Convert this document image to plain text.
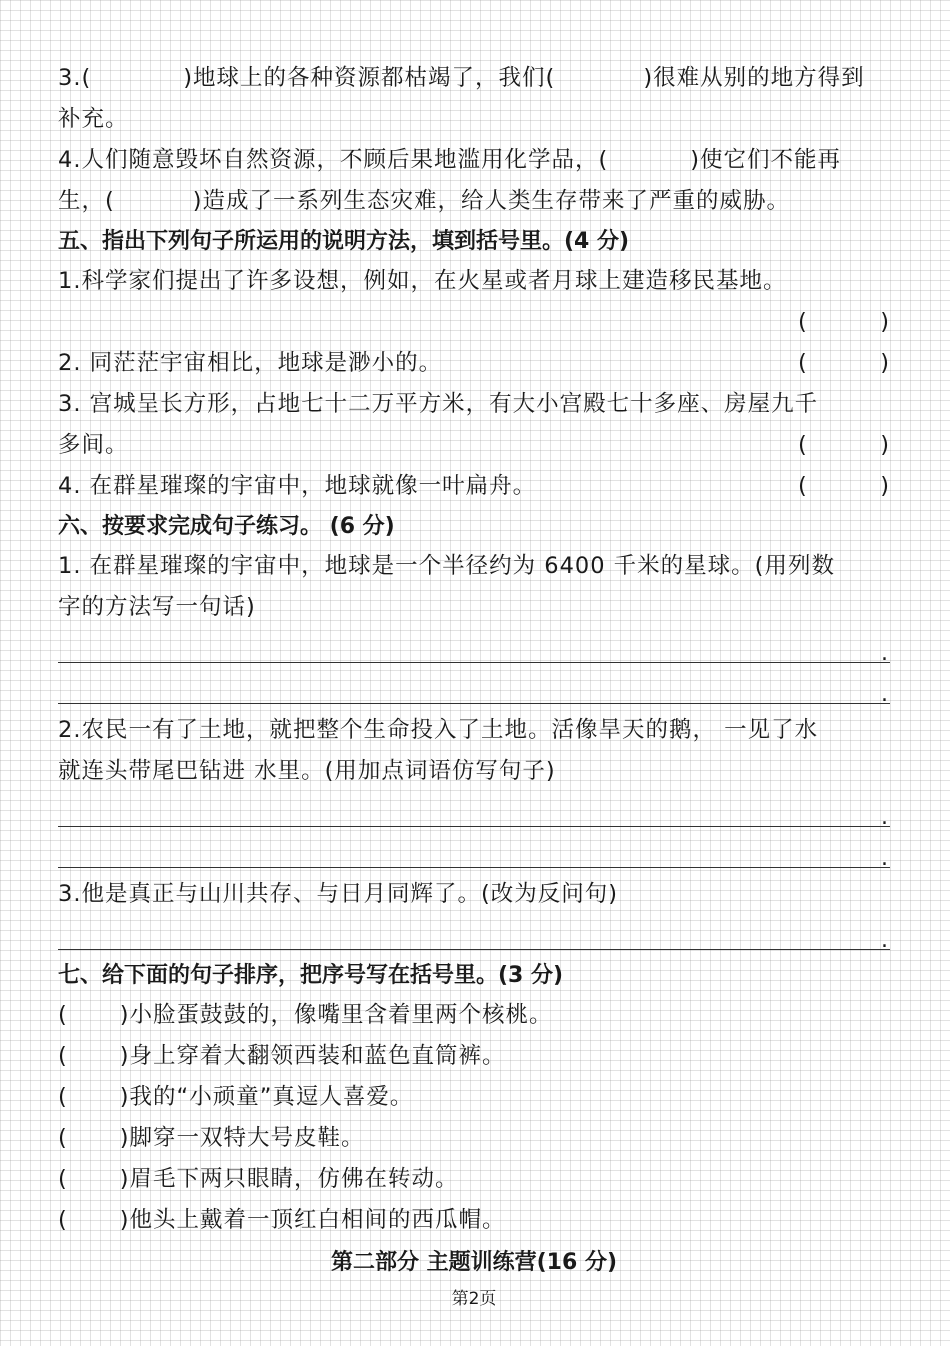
3.(	)地球上的各种资源都枯竭了，我们(	)很难从别的地方得到
补充。
4.人们随意毁坏自然资源，不顾后果地滥用化学品，(	)使它们不能再
生，(	)造成了一系列生态灾难，给人类生存带来了严重的威胁。
五、指出下列句子所运用的说明方法，填到括号里。(4 分)
1.科学家们提出了许多设想，例如，在火星或者月球上建造移民基地。
(	)
2. 同茫茫宇宙相比，地球是渺小的。	(	)
3. 宫城呈长方形，占地七十二万平方米，有大小宫殿七十多座、房屋九千
多间。	(	)
4. 在群星璀璨的宇宙中，地球就像一叶扁舟。	(	)
六、按要求完成句子练习。 (6 分)
1. 在群星璀璨的宇宙中，地球是一个半径约为 6400 千米的星球。(用列数
字的方法写一句话)
.
.
2.农民一有了土地，就把整个生命投入了土地。活像旱天的鹅， 一见了水
就连头带尾巴钻进 水里。(用加点词语仿写句子)
.
.
3.他是真正与山川共存、与日月同辉了。(改为反问句)
.
七、给下面的句子排序，把序号写在括号里。(3 分)
( )小脸蛋鼓鼓的，像嘴里含着里两个核桃。
( )身上穿着大翻领西装和蓝色直筒裤。
( )我的“小顽童”真逗人喜爱。
( )脚穿一双特大号皮鞋。
( )眉毛下两只眼睛，仿佛在转动。
( )他头上戴着一顶红白相间的西瓜帽。
第二部分 主题训练营(16 分)
第2页
